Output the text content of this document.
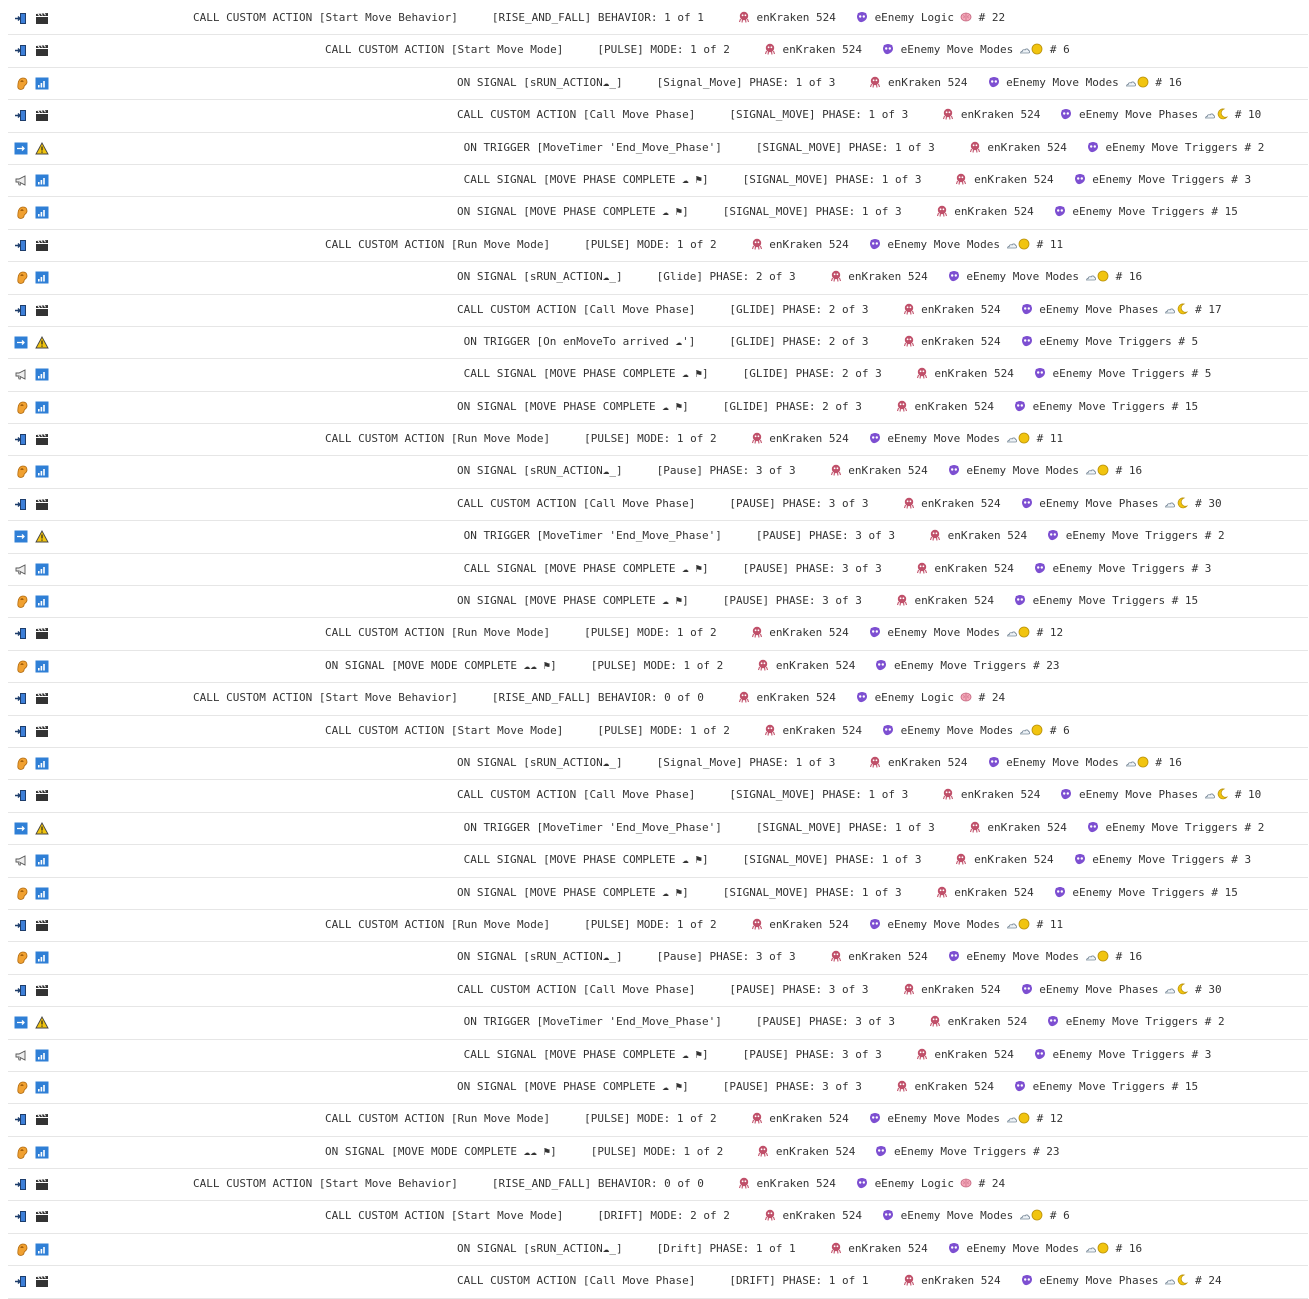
CALL CUSTOM ACTION [Start Move Behavior]	[RISE_AND_FALL] BEHAVIOR: 1 of 1	enKraken 524	eEnemy Logic # 22
CALL CUSTOM ACTION [Start Move Mode]	[PULSE] MODE: 1 of 2	enKraken 524	eEnemy Move Modes	# 6
ON SIGNAL [sRUN_ACTION☁_]	[Signal_Move] PHASE: 1 of 3	enKraken 524	eEnemy Move Modes	# 16
CALL CUSTOM ACTION [Call Move Phase]	[SIGNAL_MOVE] PHASE: 1 of 3	enKraken 524	eEnemy Move Phases	# 10
ON TRIGGER [MoveTimer 'End_Move_Phase']	[SIGNAL_MOVE] PHASE: 1 of 3	enKraken 524	eEnemy Move Triggers # 2
CALL SIGNAL [MOVE PHASE COMPLETE ☁ ⚑]	[SIGNAL_MOVE] PHASE: 1 of 3	enKraken 524	eEnemy Move Triggers # 3
ON SIGNAL [MOVE PHASE COMPLETE ☁ ⚑]	[SIGNAL_MOVE] PHASE: 1 of 3	enKraken 524	eEnemy Move Triggers # 15
CALL CUSTOM ACTION [Run Move Mode]	[PULSE] MODE: 1 of 2	enKraken 524	eEnemy Move Modes	# 11
ON SIGNAL [sRUN_ACTION☁_]	[Glide] PHASE: 2 of 3	enKraken 524	eEnemy Move Modes	# 16
CALL CUSTOM ACTION [Call Move Phase]	[GLIDE] PHASE: 2 of 3	enKraken 524	eEnemy Move Phases	# 17
ON TRIGGER [On enMoveTo arrived ☁']	[GLIDE] PHASE: 2 of 3	enKraken 524	eEnemy Move Triggers # 5
CALL SIGNAL [MOVE PHASE COMPLETE ☁ ⚑]	[GLIDE] PHASE: 2 of 3	enKraken 524	eEnemy Move Triggers # 5
ON SIGNAL [MOVE PHASE COMPLETE ☁ ⚑]	[GLIDE] PHASE: 2 of 3	enKraken 524	eEnemy Move Triggers # 15
CALL CUSTOM ACTION [Run Move Mode]	[PULSE] MODE: 1 of 2	enKraken 524	eEnemy Move Modes	# 11
ON SIGNAL [sRUN_ACTION☁_]	[Pause] PHASE: 3 of 3	enKraken 524	eEnemy Move Modes	# 16
CALL CUSTOM ACTION [Call Move Phase]	[PAUSE] PHASE: 3 of 3	enKraken 524	eEnemy Move Phases	# 30
ON TRIGGER [MoveTimer 'End_Move_Phase']	[PAUSE] PHASE: 3 of 3	enKraken 524	eEnemy Move Triggers # 2
CALL SIGNAL [MOVE PHASE COMPLETE ☁ ⚑]	[PAUSE] PHASE: 3 of 3	enKraken 524	eEnemy Move Triggers # 3
ON SIGNAL [MOVE PHASE COMPLETE ☁ ⚑]	[PAUSE] PHASE: 3 of 3	enKraken 524	eEnemy Move Triggers # 15
CALL CUSTOM ACTION [Run Move Mode]	[PULSE] MODE: 1 of 2	enKraken 524	eEnemy Move Modes	# 12
ON SIGNAL [MOVE MODE COMPLETE ☁☁ ⚑]	[PULSE] MODE: 1 of 2	enKraken 524	eEnemy Move Triggers # 23
CALL CUSTOM ACTION [Start Move Behavior]	[RISE_AND_FALL] BEHAVIOR: 0 of 0	enKraken 524	eEnemy Logic # 24
CALL CUSTOM ACTION [Start Move Mode]	[PULSE] MODE: 1 of 2	enKraken 524	eEnemy Move Modes	# 6
ON SIGNAL [sRUN_ACTION☁_]	[Signal_Move] PHASE: 1 of 3	enKraken 524	eEnemy Move Modes	# 16
CALL CUSTOM ACTION [Call Move Phase]	[SIGNAL_MOVE] PHASE: 1 of 3	enKraken 524	eEnemy Move Phases	# 10
ON TRIGGER [MoveTimer 'End_Move_Phase']	[SIGNAL_MOVE] PHASE: 1 of 3	enKraken 524	eEnemy Move Triggers # 2
CALL SIGNAL [MOVE PHASE COMPLETE ☁ ⚑]	[SIGNAL_MOVE] PHASE: 1 of 3	enKraken 524	eEnemy Move Triggers # 3
ON SIGNAL [MOVE PHASE COMPLETE ☁ ⚑]	[SIGNAL_MOVE] PHASE: 1 of 3	enKraken 524	eEnemy Move Triggers # 15
CALL CUSTOM ACTION [Run Move Mode]	[PULSE] MODE: 1 of 2	enKraken 524	eEnemy Move Modes	# 11
ON SIGNAL [sRUN_ACTION☁_]	[Pause] PHASE: 3 of 3	enKraken 524	eEnemy Move Modes	# 16
CALL CUSTOM ACTION [Call Move Phase]	[PAUSE] PHASE: 3 of 3	enKraken 524	eEnemy Move Phases	# 30
ON TRIGGER [MoveTimer 'End_Move_Phase']	[PAUSE] PHASE: 3 of 3	enKraken 524	eEnemy Move Triggers # 2
CALL SIGNAL [MOVE PHASE COMPLETE ☁ ⚑]	[PAUSE] PHASE: 3 of 3	enKraken 524	eEnemy Move Triggers # 3
ON SIGNAL [MOVE PHASE COMPLETE ☁ ⚑]	[PAUSE] PHASE: 3 of 3	enKraken 524	eEnemy Move Triggers # 15
CALL CUSTOM ACTION [Run Move Mode]	[PULSE] MODE: 1 of 2	enKraken 524	eEnemy Move Modes	# 12
ON SIGNAL [MOVE MODE COMPLETE ☁☁ ⚑]	[PULSE] MODE: 1 of 2	enKraken 524	eEnemy Move Triggers # 23
CALL CUSTOM ACTION [Start Move Behavior]	[RISE_AND_FALL] BEHAVIOR: 0 of 0	enKraken 524	eEnemy Logic # 24
CALL CUSTOM ACTION [Start Move Mode]	[DRIFT] MODE: 2 of 2	enKraken 524	eEnemy Move Modes	# 6
ON SIGNAL [sRUN_ACTION☁_]	[Drift] PHASE: 1 of 1	enKraken 524	eEnemy Move Modes	# 16
CALL CUSTOM ACTION [Call Move Phase]	[DRIFT] PHASE: 1 of 1	enKraken 524	eEnemy Move Phases	# 24
